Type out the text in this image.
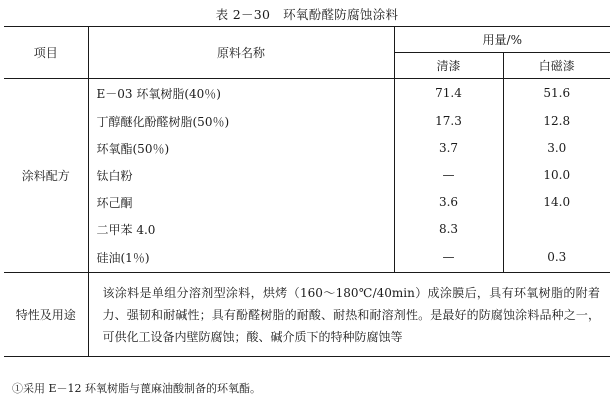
表 2－30　环氧酚醛防腐蚀涂料
项目	原料名称	用量/%	
		清漆	白磁漆
涂料配方	E－03 环氧树脂(40％)	71.4	51.6
	丁醇醚化酚醛树脂(50％)	17.3	12.8
	环氧酯(50％)	3.7	3.0
	钛白粉	—	10.0
	环己酮	3.6	14.0
	二甲苯 4.0	8.3	
	硅油(1％)	—	0.3
特性及用途	该涂料是单组分溶剂型涂料，烘烤（160～180℃/40min）成涂膜后，具有环氧树脂的附着力、强韧和耐碱性；具有酚醛树脂的耐酸、耐热和耐溶剂性。是最好的防腐蚀涂料品种之一，可供化工设备内壁防腐蚀；酸、碱介质下的特种防腐蚀等		
①采用 E－12 环氧树脂与蓖麻油酸制备的环氧酯。
